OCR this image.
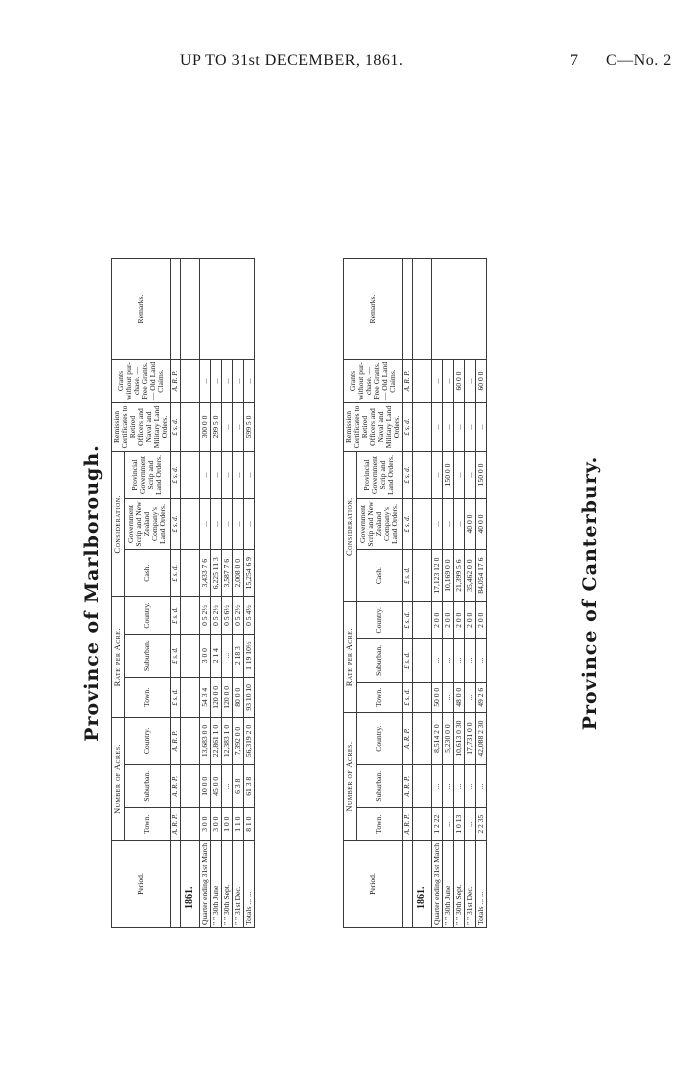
UP TO 31st DECEMBER, 1861.	7 C—No. 2
Province of Marlborough.
Period.	Number of Acres.			Rate per Acre.			Consideration.			Remission Certificates to Retired Officers and Naval and Military Land Orders.	Grants without pur-chase. — Free Grants. — Old Land Claims.	Remarks.
	Town.	Suburban.	Country.	Town.	Suburban.	Country.	Cash.	Government Scrip and New Zealand Company's Land Orders.	Provincial Government Scrip and Land Orders.			
	A. R. P.	A. R. P.	A. R. P.	£ s. d.	£ s. d.	£ s. d.	£ s. d.	£ s. d.	£ s. d.	£ s. d.	A. R. P.	
1861.												
Quarter ending 31st March	3 0 0	10 0 0	13,683 0 0	54 3 4	3 0 0	0 5 2½	3,433 7 6	...	...	300 0 0	...	
" " 30th June	3 0 0	45 0 0	22,861 1 0	120 0 0	2 1 4	0 5 2½	6,225 11 3	...	...	299 5 0	...	
" " 30th Sept.	1 0 0	...	12,383 1 0	120 0 0	...	0 5 6½	3,587 7 6	...	...	...	...	
" " 31st Dec.	1 1 0	6 3 8	7,392 0 0	80 0 0	2 18 3	0 5 2½	2,008 0 0	...	...	...	...	
Totals ... ...	8 1 0	61 3 8	56,319 2 0	93 10 10	1 19 10½	0 5 4½	15,254 6 9	...	...	599 5 0	...	
Period.	Number of Acres.			Rate per Acre.			Consideration.			Remission Certificates to Retired Officers and Naval and Military Land Orders.	Grants without pur-chase. — Free Grants. — Old Land Claims.	Remarks.
	Town.	Suburban.	Country.	Town.	Suburban.	Country.	Cash.	Government Scrip and New Zealand Company's Land Orders.	Provincial Government Scrip and Land Orders.			
	A. R. P.	A. R. P.	A. R. P.	£ s. d.	£ s. d.	£ s. d.	£ s. d.	£ s. d.	£ s. d.	£ s. d.	A. R. P.	
1861.												
Quarter ending 31st March	1 2 22	...	8,514 2 0	50 0 0	...	2 0 0	17,123 12 0	...	...	...	...	
" " 30th June	...	...	5,230 0 0	...	...	2 0 0	10,169 0 0	...	150 0 0	...	...	
" " 30th Sept.	1 0 13	...	10,613 0 30	48 0 0	...	2 0 0	21,399 5 6	...	...	...	60 0 0	
" " 31st Dec.	...	...	17,731 0 0	...	...	2 0 0	35,462 0 0	40 0 0	...	...	...	
Totals ... ...	2 2 35	...	42,088 2 30	49 2 6	...	2 0 0	84,054 17 6	40 0 0	150 0 0	...	60 0 0	
Province of Canterbury.
